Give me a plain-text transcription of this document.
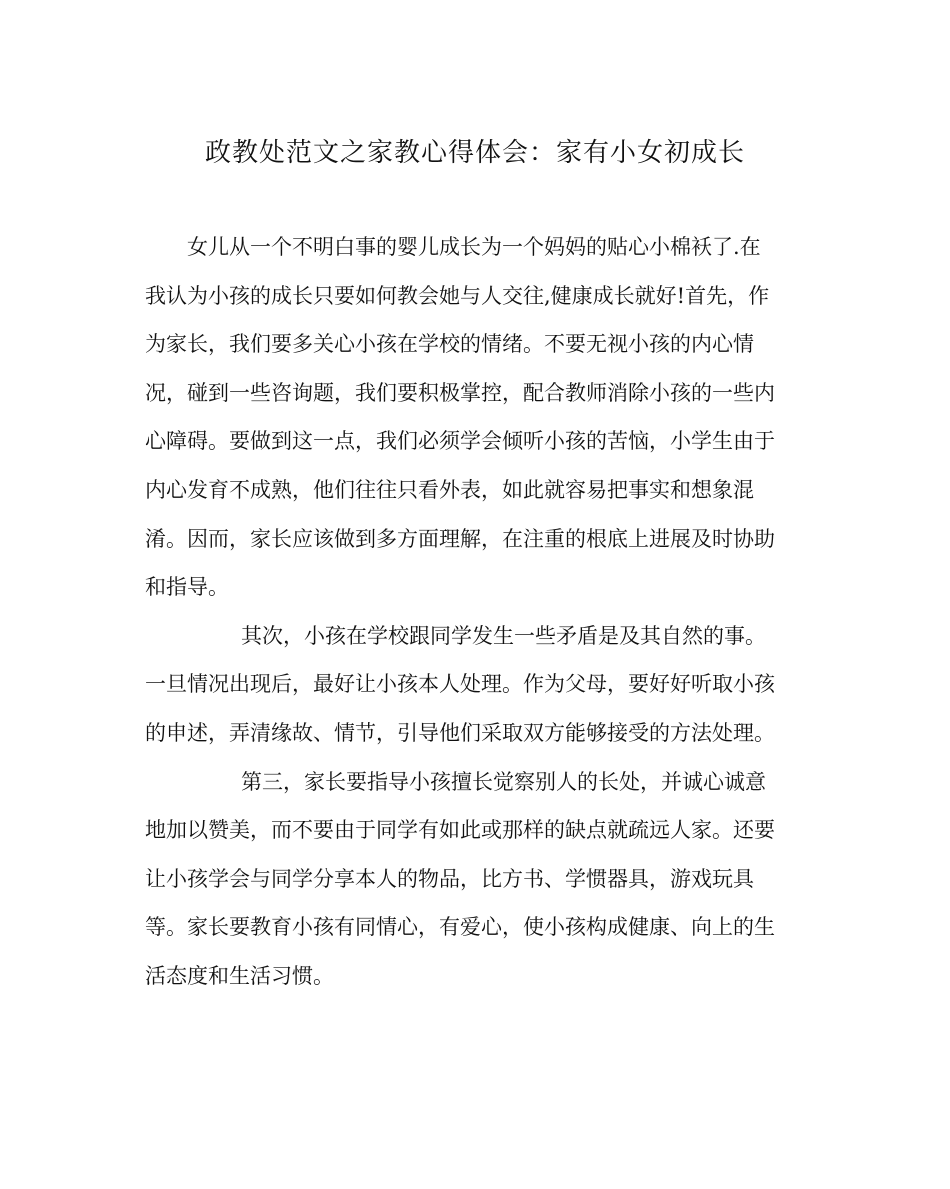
政教处范文之家教心得体会：家有小女初成长
女儿从一个不明白事的婴儿成长为一个妈妈的贴心小棉袄了.在
我认为小孩的成长只要如何教会她与人交往,健康成长就好!首先，作
为家长，我们要多关心小孩在学校的情绪。不要无视小孩的内心情
况，碰到一些咨询题，我们要积极掌控，配合教师消除小孩的一些内
心障碍。要做到这一点，我们必须学会倾听小孩的苦恼，小学生由于
内心发育不成熟，他们往往只看外表，如此就容易把事实和想象混
淆。因而，家长应该做到多方面理解，在注重的根底上进展及时协助
和指导。
其次，小孩在学校跟同学发生一些矛盾是及其自然的事。
一旦情况出现后，最好让小孩本人处理。作为父母，要好好听取小孩
的申述，弄清缘故、情节，引导他们采取双方能够接受的方法处理。
第三，家长要指导小孩擅长觉察别人的长处，并诚心诚意
地加以赞美，而不要由于同学有如此或那样的缺点就疏远人家。还要
让小孩学会与同学分享本人的物品，比方书、学惯器具，游戏玩具
等。家长要教育小孩有同情心，有爱心，使小孩构成健康、向上的生
活态度和生活习惯。
